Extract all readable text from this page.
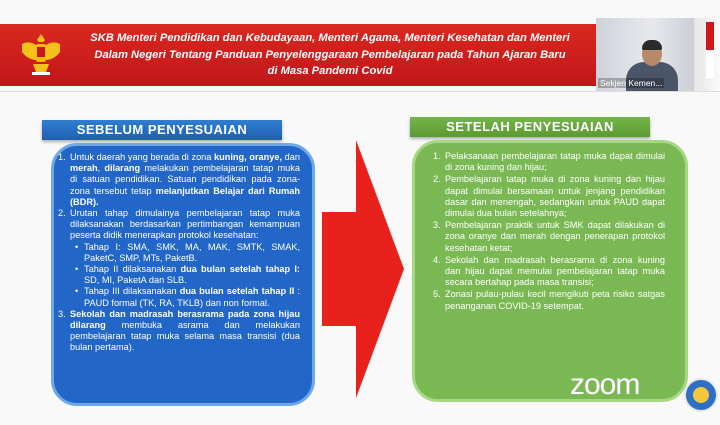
SKB Menteri Pendidikan dan Kebudayaan, Menteri Agama, Menteri Kesehatan dan Menteri
Dalam Negeri Tentang Panduan Penyelenggaraan Pembelajaran pada Tahun Ajaran Baru
di Masa Pandemi Covid
Sekjen Kemen...
SEBELUM PENYESUAIAN	SETELAH PENYESUAIAN
1. Untuk daerah yang berada di zona kuning, oranye, dan merah, dilarang melakukan pembelajaran tatap muka di satuan pendidikan. Satuan pendidikan pada zona-zona tersebut tetap melanjutkan Belajar dari Rumah (BDR).
2. Urutan tahap dimulainya pembelajaran tatap muka dilaksanakan berdasarkan pertimbangan kemampuan peserta didik menerapkan protokol kesehatan:
• Tahap I: SMA, SMK, MA, MAK, SMTK, SMAK, PaketC, SMP, MTs, PaketB.
• Tahap II dilaksanakan dua bulan setelah tahap I: SD, MI, PaketA dan SLB.
• Tahap III dilaksanakan dua bulan setelah tahap II : PAUD formal (TK, RA, TKLB) dan non formal.
3. Sekolah dan madrasah berasrama pada zona hijau dilarang membuka asrama dan melakukan pembelajaran tatap muka selama masa transisi (dua bulan pertama).
1. Pelaksanaan pembelajaran tatap muka dapat dimulai di zona kuning dan hijau;
2. Pembelajaran tatap muka di zona kuning dan hijau dapat dimulai bersamaan untuk jenjang pendidikan dasar dan menengah, sedangkan untuk PAUD dapat dimulai dua bulan setelahnya;
3. Pembelajaran praktik untuk SMK dapat dilakukan di zona oranye dan merah dengan penerapan protokol kesehatan ketat;
4. Sekolah dan madrasah berasrama di zona kuning dan hijau dapat memulai pembelajaran tatap muka secara bertahap pada masa transisi;
5. Zonasi pulau-pulau kecil mengikuti peta risiko satgas penanganan COVID-19 setempat.
zoom
